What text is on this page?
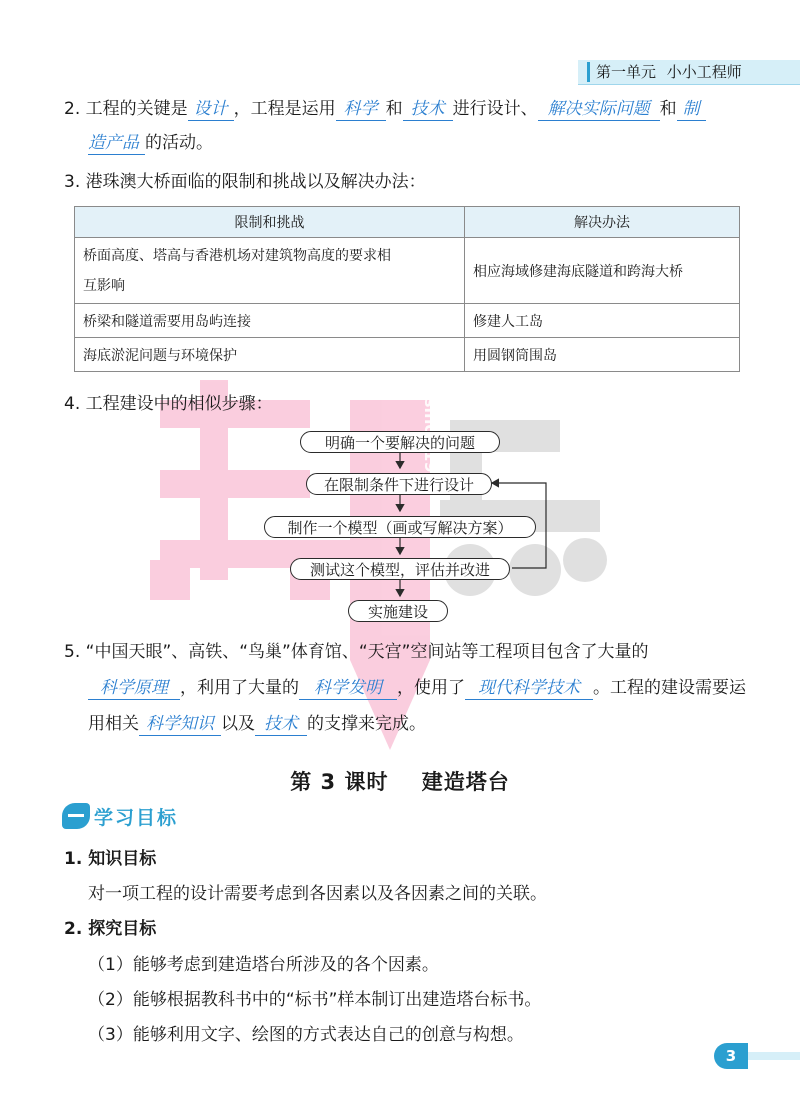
第一单元 小小工程师
2. 工程的关键是 设计 ，工程是运用 科学 和 技术 进行设计、 解决实际问题 和 制
造产品 的活动。
3. 港珠澳大桥面临的限制和挑战以及解决办法：
限制和挑战	解决办法
桥面高度、塔高与香港机场对建筑物高度的要求相
互影响	相应海域修建海底隧道和跨海大桥
桥梁和隧道需要用岛屿连接	修建人工岛
海底淤泥问题与环境保护	用圆钢筒围岛
4. 工程建设中的相似步骤：
明确一个要解决的问题
在限制条件下进行设计
制作一个模型（画或写解决方案）
测试这个模型，评估并改进
实施建设
5. “中国天眼”、高铁、“鸟巢”体育馆、“天宫”空间站等工程项目包含了大量的
科学原理 ，利用了大量的 科学发明 ，使用了 现代科学技术 。工程的建设需要运
用相关 科学知识 以及 技术 的支撑来完成。
第 3 课时    建造塔台
学习目标
1. 知识目标
对一项工程的设计需要考虑到各因素以及各因素之间的关联。
2. 探究目标
（1）能够考虑到建造塔台所涉及的各个因素。
（2）能够根据教科书中的“标书”样本制订出建造塔台标书。
（3）能够利用文字、绘图的方式表达自己的创意与构想。
3
